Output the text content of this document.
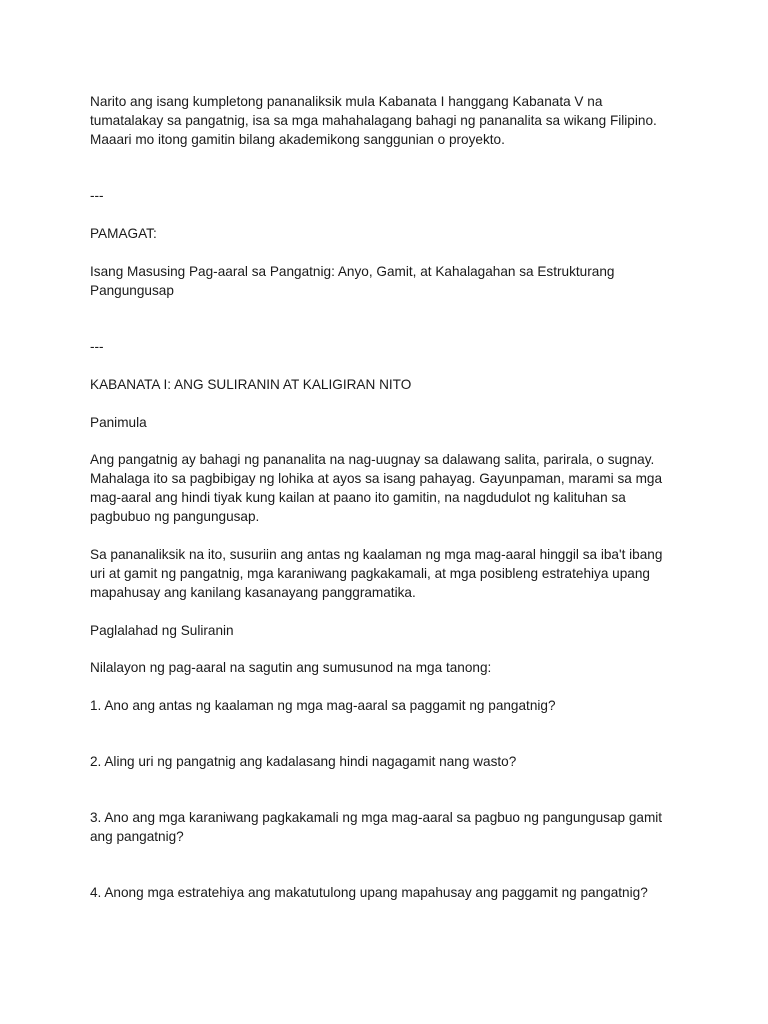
Narito ang isang kumpletong pananaliksik mula Kabanata I hanggang Kabanata V na

tumatalakay sa pangatnig, isa sa mga mahahalagang bahagi ng pananalita sa wikang Filipino.

Maaari mo itong gamitin bilang akademikong sanggunian o proyekto.

---

PAMAGAT:

Isang Masusing Pag-aaral sa Pangatnig: Anyo, Gamit, at Kahalagahan sa Estrukturang

Pangungusap

---

KABANATA I: ANG SULIRANIN AT KALIGIRAN NITO

Panimula

Ang pangatnig ay bahagi ng pananalita na nag-uugnay sa dalawang salita, parirala, o sugnay.

Mahalaga ito sa pagbibigay ng lohika at ayos sa isang pahayag. Gayunpaman, marami sa mga

mag-aaral ang hindi tiyak kung kailan at paano ito gamitin, na nagdudulot ng kalituhan sa

pagbubuo ng pangungusap.

Sa pananaliksik na ito, susuriin ang antas ng kaalaman ng mga mag-aaral hinggil sa iba't ibang

uri at gamit ng pangatnig, mga karaniwang pagkakamali, at mga posibleng estratehiya upang

mapahusay ang kanilang kasanayang panggramatika.

Paglalahad ng Suliranin

Nilalayon ng pag-aaral na sagutin ang sumusunod na mga tanong:

1. Ano ang antas ng kaalaman ng mga mag-aaral sa paggamit ng pangatnig?

2. Aling uri ng pangatnig ang kadalasang hindi nagagamit nang wasto?

3. Ano ang mga karaniwang pagkakamali ng mga mag-aaral sa pagbuo ng pangungusap gamit

ang pangatnig?

4. Anong mga estratehiya ang makatutulong upang mapahusay ang paggamit ng pangatnig?
